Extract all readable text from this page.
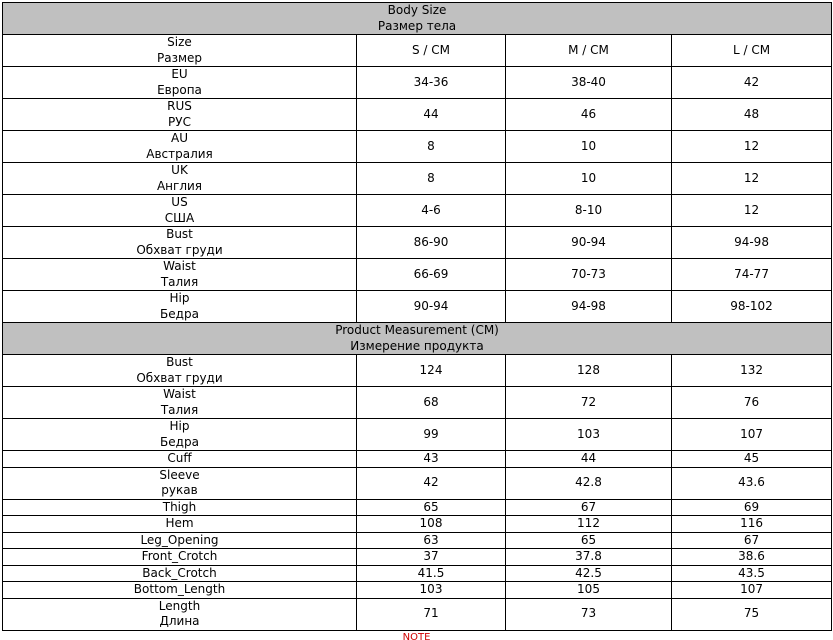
Body Size
Размер тела			

Size
Размер	S / CM	M / CM	L / CM

EU
Европа	34-36	38-40	42

RUS
РУС	44	46	48

AU
Австралия	8	10	12

UK
Англия	8	10	12

US
США	4-6	8-10	12

Bust
Обхват груди	86-90	90-94	94-98

Waist
Талия	66-69	70-73	74-77

Hip
Бедра	90-94	94-98	98-102

Product Measurement (CM)
Измерение продукта			

Bust
Обхват груди	124	128	132

Waist
Талия	68	72	76

Hip
Бедра	99	103	107

Cuff	43	44	45

Sleeve
рукав	42	42.8	43.6

Thigh	65	67	69

Hem	108	112	116

Leg_Opening	63	65	67

Front_Crotch	37	37.8	38.6

Back_Crotch	41.5	42.5	43.5

Bottom_Length	103	105	107

Length
Длина	71	73	75
NOTE
